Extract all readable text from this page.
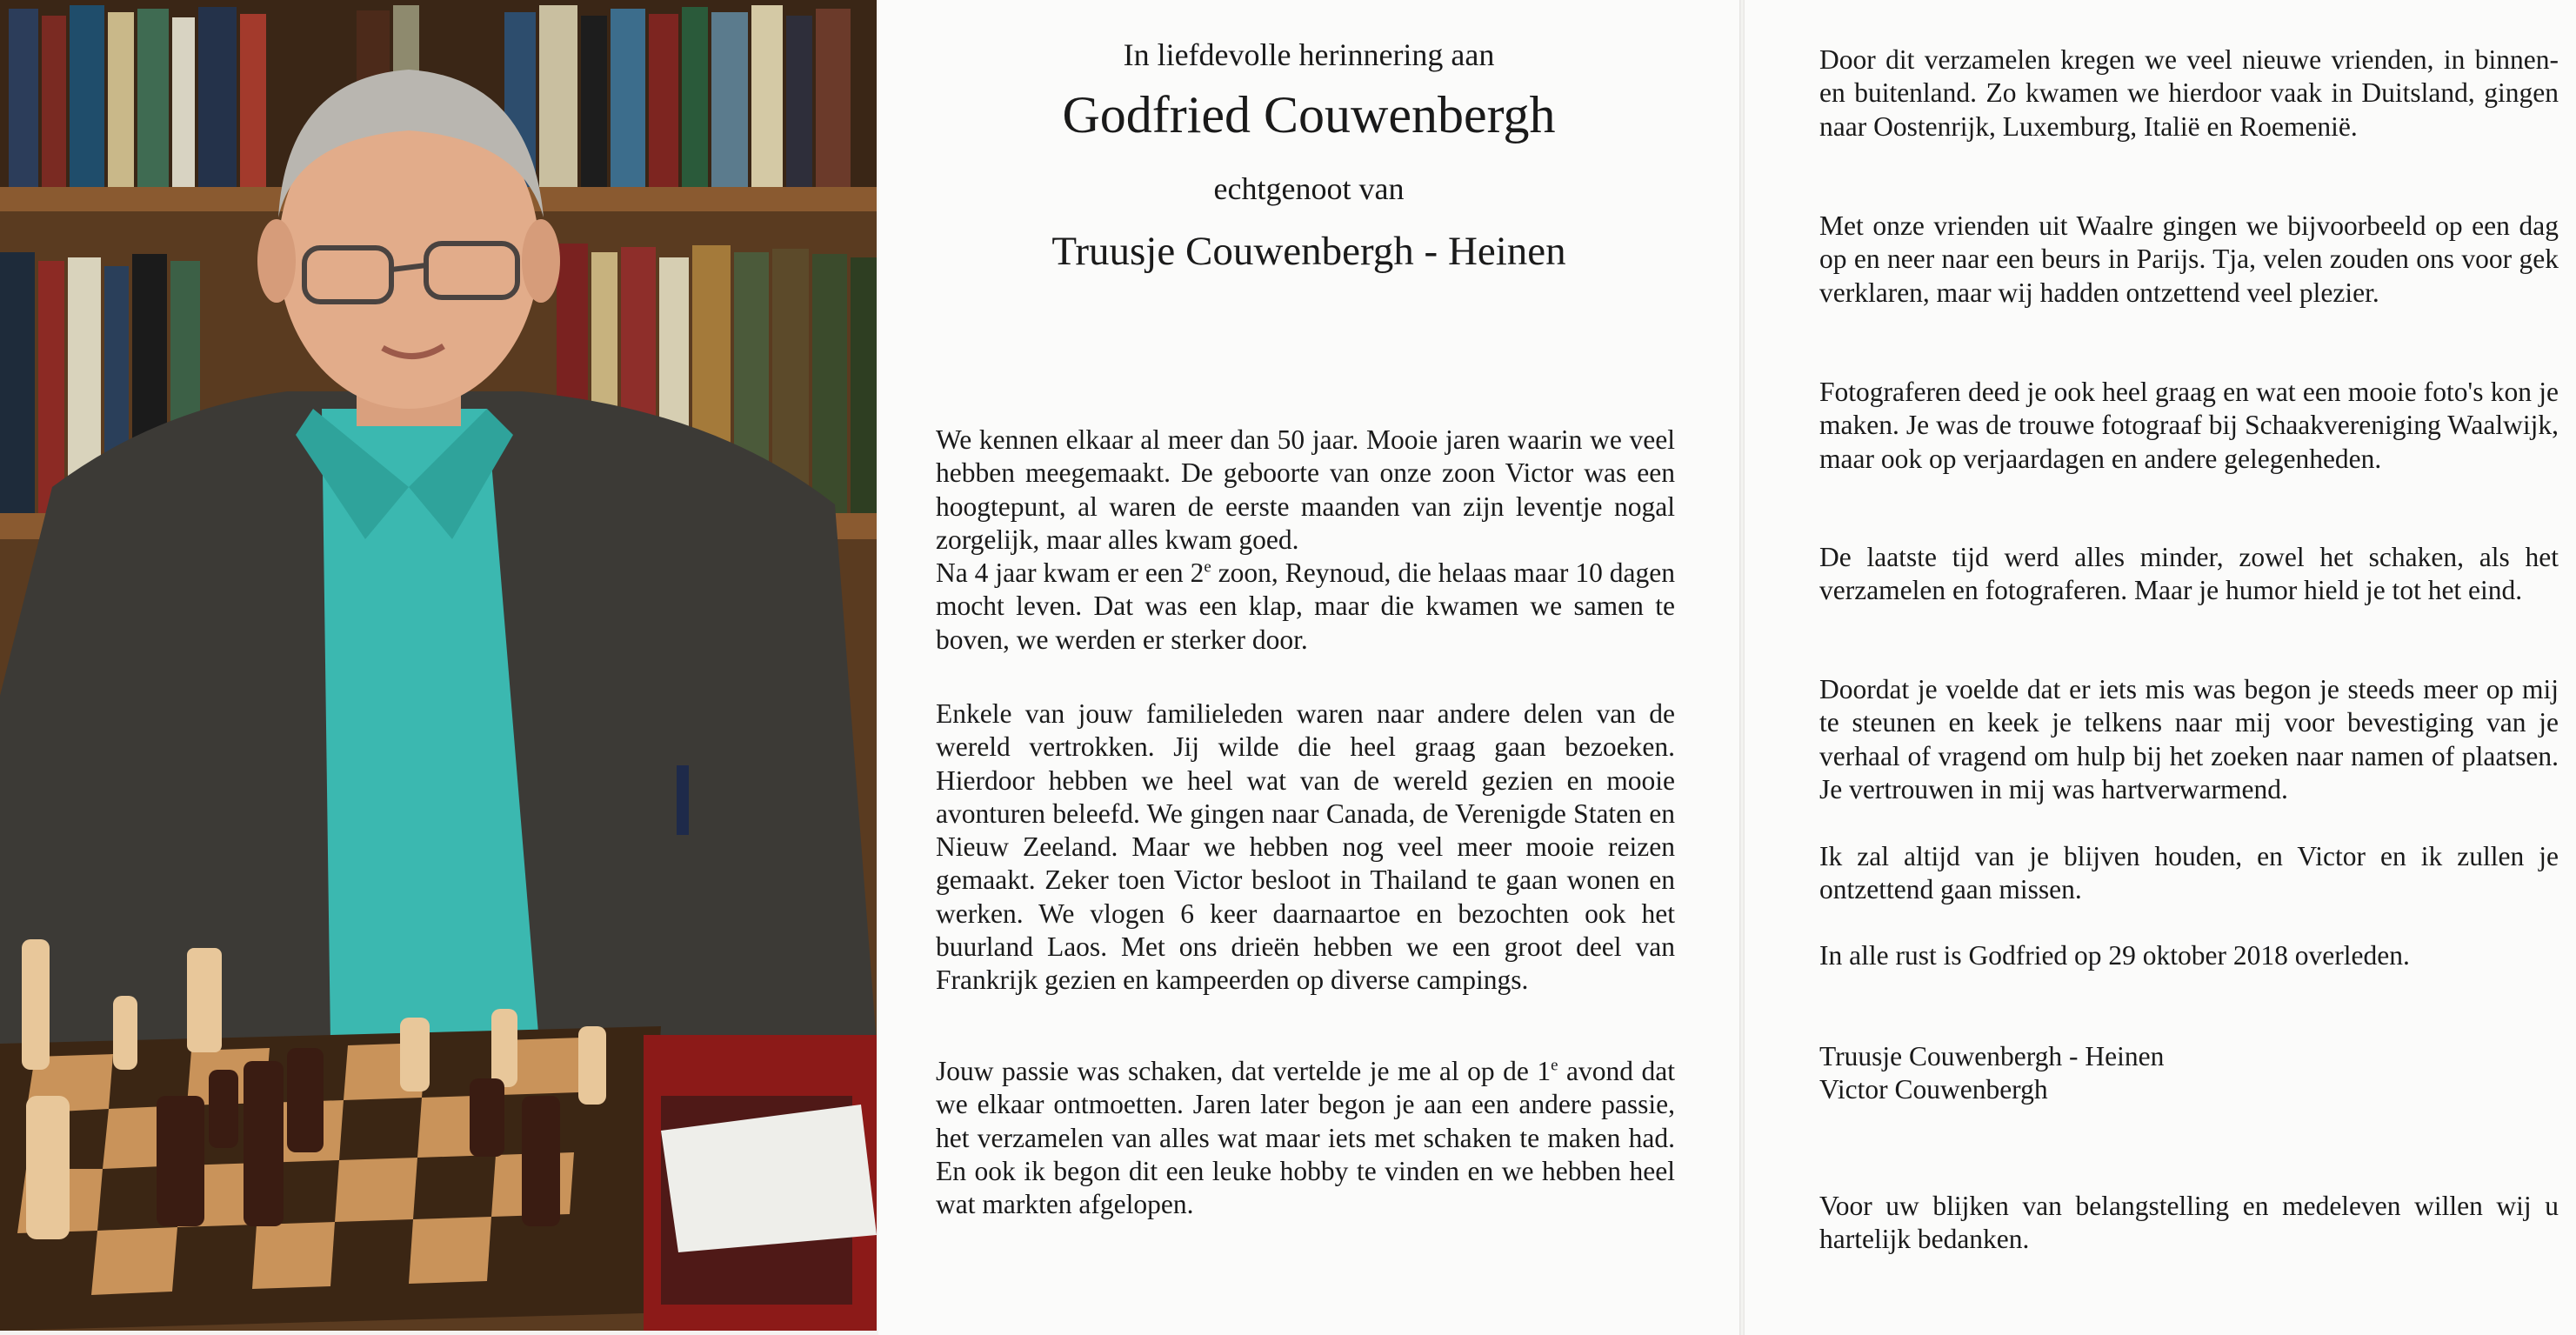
In liefdevolle herinnering aan
Godfried Couwenbergh
echtgenoot van
Truusje Couwenbergh - Heinen

We kennen elkaar al meer dan 50 jaar. Mooie jaren waarin we veel hebben meegemaakt. De geboorte van onze zoon Victor was een hoogtepunt, al waren de eerste maanden van zijn leventje nogal zorgelijk, maar alles kwam goed.

Na 4 jaar kwam er een 2e zoon, Reynoud, die helaas maar 10 dagen mocht leven. Dat was een klap, maar die kwamen we samen te boven, we werden er sterker door.

Enkele van jouw familieleden waren naar andere delen van de wereld vertrokken. Jij wilde die heel graag gaan bezoeken. Hierdoor hebben we heel wat van de wereld gezien en mooie avonturen beleefd. We gingen naar Canada, de Verenigde Staten en Nieuw Zeeland. Maar we hebben nog veel meer mooie reizen gemaakt. Zeker toen Victor besloot in Thailand te gaan wonen en werken. We vlogen 6 keer daarnaartoe en bezochten ook het buurland Laos. Met ons drieën hebben we een groot deel van Frankrijk gezien en kampeerden op diverse campings.

Jouw passie was schaken, dat vertelde je me al op de 1e avond dat we elkaar ontmoetten. Jaren later begon je aan een andere passie, het verzamelen van alles wat maar iets met schaken te maken had. En ook ik begon dit een leuke hobby te vinden en we hebben heel wat markten afgelopen.

Door dit verzamelen kregen we veel nieuwe vrienden, in binnen- en buitenland. Zo kwamen we hierdoor vaak in Duitsland, gingen naar Oostenrijk, Luxemburg, Italië en Roemenië.
Met onze vrienden uit Waalre gingen we bijvoorbeeld op een dag op en neer naar een beurs in Parijs. Tja, velen zouden ons voor gek verklaren, maar wij hadden ontzettend veel plezier.
Fotograferen deed je ook heel graag en wat een mooie foto's kon je maken. Je was de trouwe fotograaf bij Schaakvereniging Waalwijk, maar ook op verjaardagen en andere gelegenheden.
De laatste tijd werd alles minder, zowel het schaken, als het verzamelen en fotograferen. Maar je humor hield je tot het eind.
Doordat je voelde dat er iets mis was begon je steeds meer op mij te steunen en keek je telkens naar mij voor bevestiging van je verhaal of vragend om hulp bij het zoeken naar namen of plaatsen. Je vertrouwen in mij was hartverwarmend.
Ik zal altijd van je blijven houden, en Victor en ik zullen je ontzettend gaan missen.
In alle rust is Godfried op 29 oktober 2018 overleden.
Truusje Couwenbergh - Heinen
Victor Couwenbergh
Voor uw blijken van belangstelling en medeleven willen wij u hartelijk bedanken.
